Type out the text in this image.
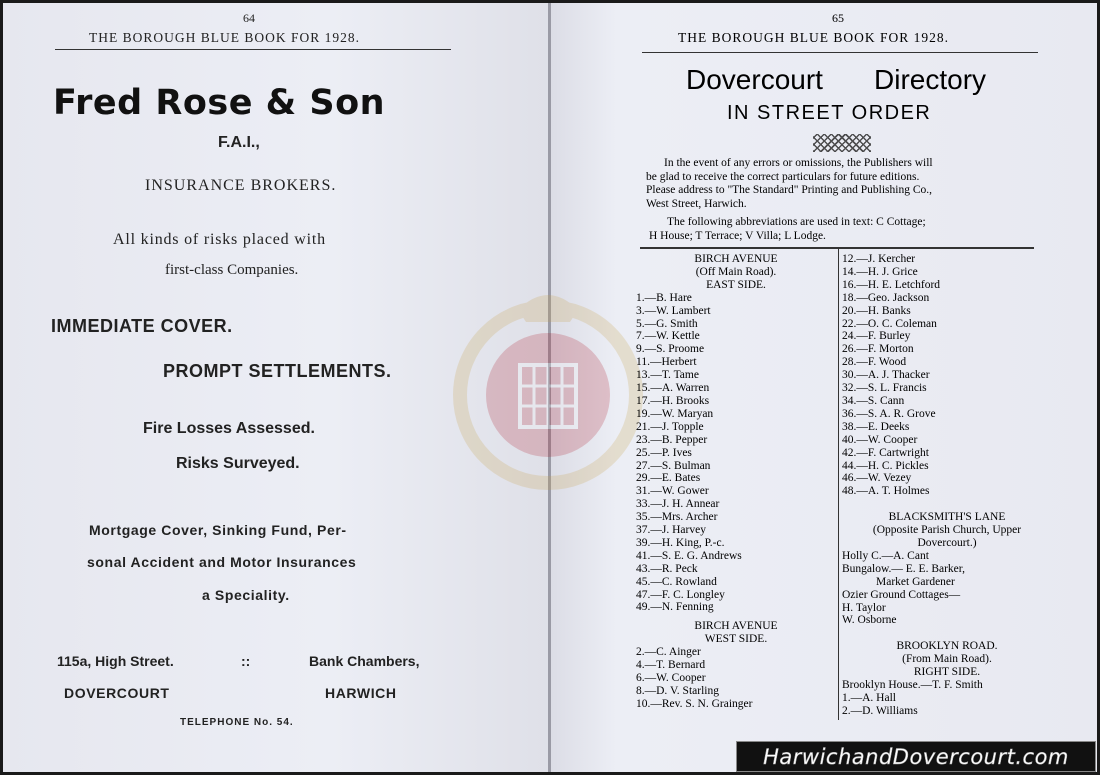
64
THE BOROUGH BLUE BOOK FOR 1928.
Fred Rose & Son
F.A.I.,
INSURANCE BROKERS.
All kinds of risks placed with
first-class Companies.
IMMEDIATE COVER.
PROMPT SETTLEMENTS.
Fire Losses Assessed.
Risks Surveyed.
Mortgage Cover, Sinking Fund, Per-
sonal Accident and Motor Insurances
a Speciality.
115a, High Street.	::	Bank Chambers,
DOVERCOURT	HARWICH
TELEPHONE No. 54.
65
THE BOROUGH BLUE BOOK FOR 1928.
Dovercourt Directory
IN STREET ORDER
In the event of any errors or omissions, the Publishers will
be glad to receive the correct particulars for future editions.
Please address to "The Standard" Printing and Publishing Co.,
West Street, Harwich.
The following abbreviations are used in text: C Cottage;
H House; T Terrace; V Villa; L Lodge.
BIRCH AVENUE
(Off Main Road).
EAST SIDE.
1.—B. Hare
3.—W. Lambert
5.—G. Smith
7.—W. Kettle
9.—S. Proome
11.—Herbert
13.—T. Tame
15.—A. Warren
17.—H. Brooks
19.—W. Maryan
21.—J. Topple
23.—B. Pepper
25.—P. Ives
27.—S. Bulman
29.—E. Bates
31.—W. Gower
33.—J. H. Annear
35.—Mrs. Archer
37.—J. Harvey
39.—H. King, P.-c.
41.—S. E. G. Andrews
43.—R. Peck
45.—C. Rowland
47.—F. C. Longley
49.—N. Fenning
BIRCH AVENUE
WEST SIDE.
2.—C. Ainger
4.—T. Bernard
6.—W. Cooper
8.—D. V. Starling
10.—Rev. S. N. Grainger
12.—J. Kercher
14.—H. J. Grice
16.—H. E. Letchford
18.—Geo. Jackson
20.—H. Banks
22.—O. C. Coleman
24.—F. Burley
26.—F. Morton
28.—F. Wood
30.—A. J. Thacker
32.—S. L. Francis
34.—S. Cann
36.—S. A. R. Grove
38.—E. Deeks
40.—W. Cooper
42.—F. Cartwright
44.—H. C. Pickles
46.—W. Vezey
48.—A. T. Holmes
BLACKSMITH'S LANE
(Opposite Parish Church, Upper
Dovercourt.)
Holly C.—A. Cant
Bungalow.— E. E. Barker,
Market Gardener
Ozier Ground Cottages—
H. Taylor
W. Osborne
BROOKLYN ROAD.
(From Main Road).
RIGHT SIDE.
Brooklyn House.—T. F. Smith
1.—A. Hall
2.—D. Williams
HarwichandDovercourt.com
